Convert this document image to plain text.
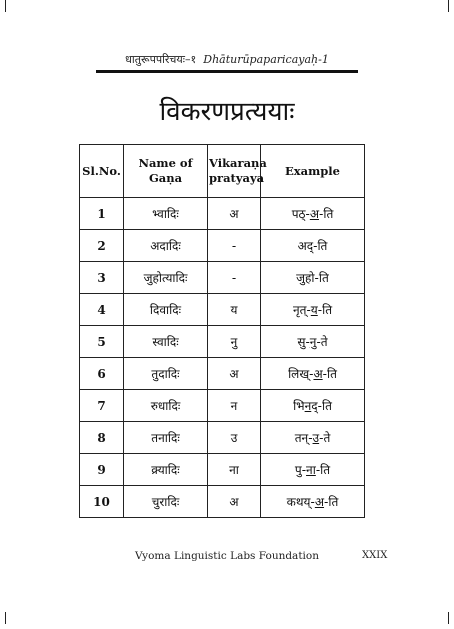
धातुरूपपरिचयः–१ Dhāturūpaparicayaḥ-1
विकरणप्रत्ययाः
Sl.No.	Name of Gaṇa	Vikaraṇa pratyaya	Example
1	भ्वादिः	अ	पठ्-अ-ति
2	अदादिः	-	अद्-ति
3	जुहोत्यादिः	-	जुहो-ति
4	दिवादिः	य	नृत्-य-ति
5	स्वादिः	नु	सु-नु-ते
6	तुदादिः	अ	लिख्-अ-ति
7	रुधादिः	न	भिनद्-ति
8	तनादिः	उ	तन्-उ-ते
9	क्र्यादिः	ना	पु-ना-ति
10	चुरादिः	अ	कथय्-अ-ति
Vyoma Linguistic Labs Foundation	XXIX
